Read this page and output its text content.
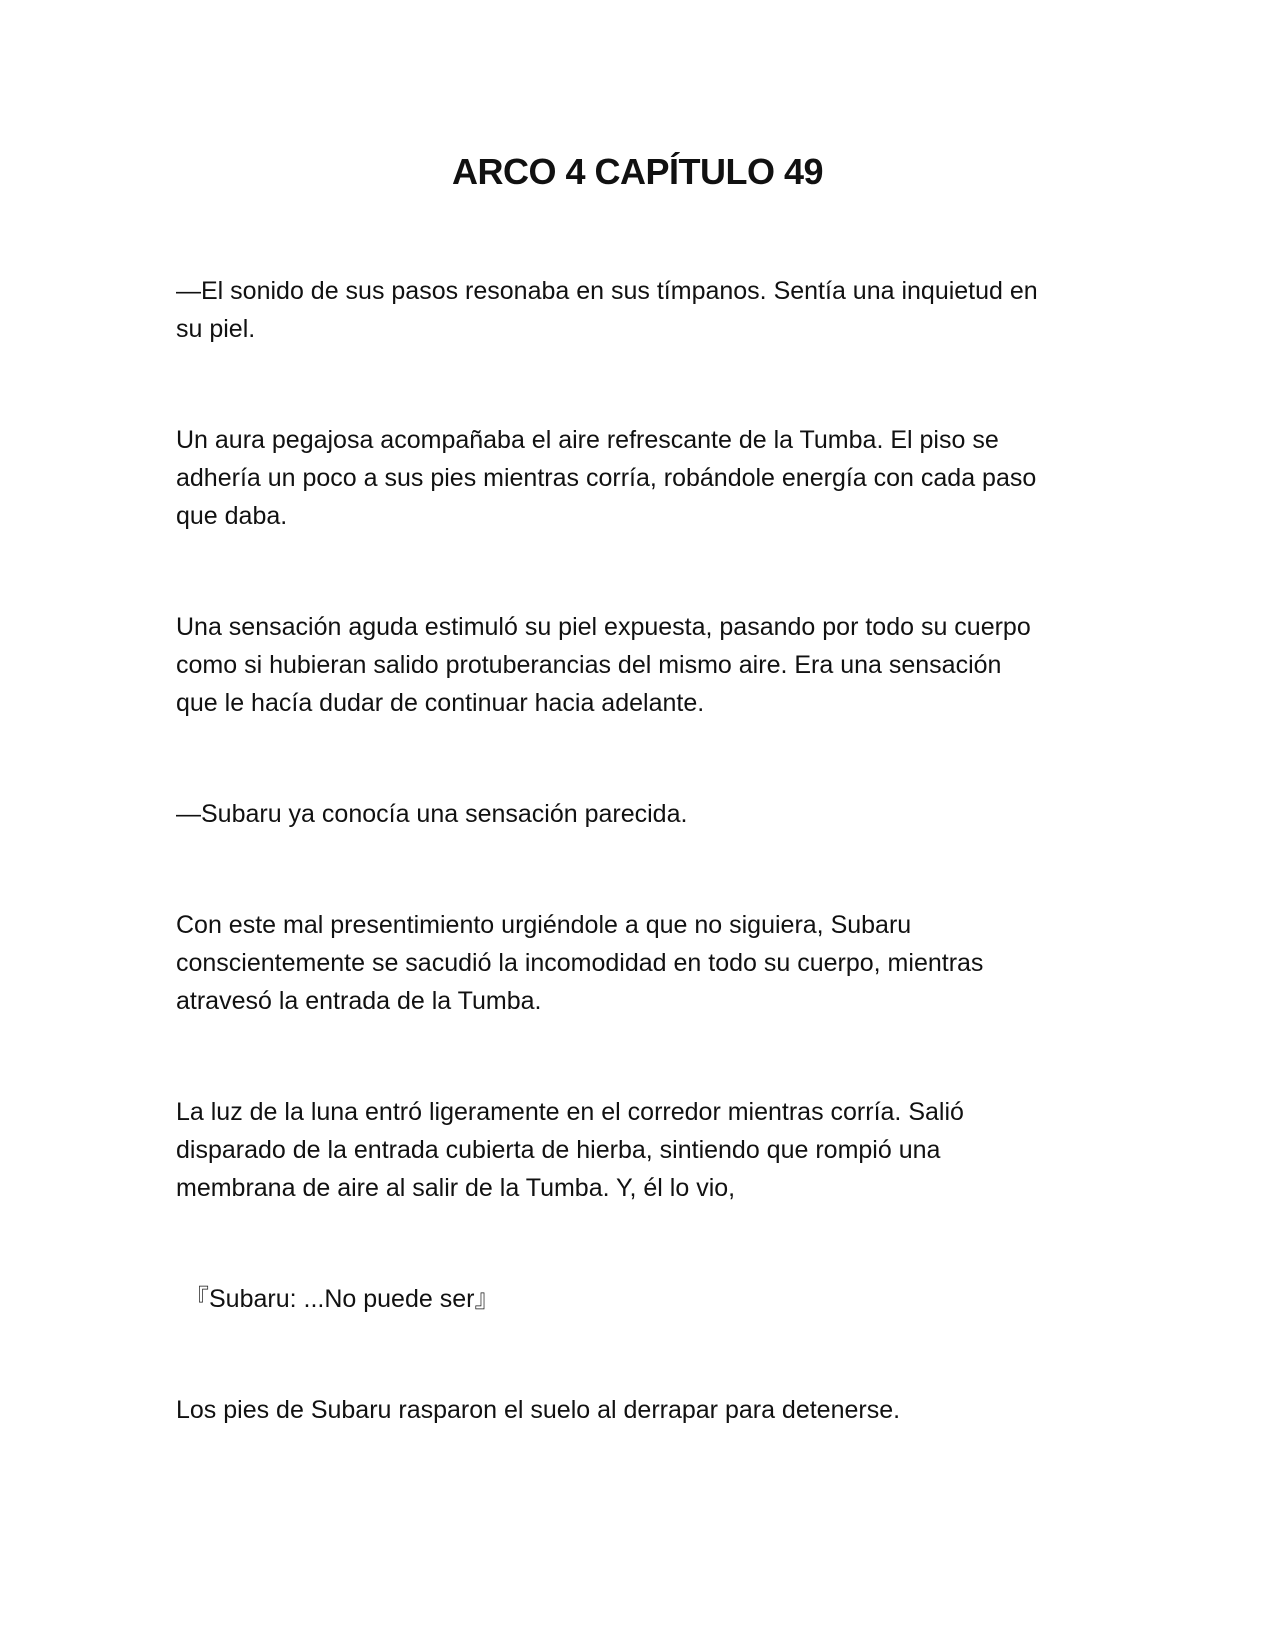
ARCO 4 CAPÍTULO 49

—El sonido de sus pasos resonaba en sus tímpanos. Sentía una inquietud en
su piel.

Un aura pegajosa acompañaba el aire refrescante de la Tumba. El piso se
adhería un poco a sus pies mientras corría, robándole energía con cada paso
que daba.

Una sensación aguda estimuló su piel expuesta, pasando por todo su cuerpo
como si hubieran salido protuberancias del mismo aire. Era una sensación
que le hacía dudar de continuar hacia adelante.

—Subaru ya conocía una sensación parecida.

Con este mal presentimiento urgiéndole a que no siguiera, Subaru
conscientemente se sacudió la incomodidad en todo su cuerpo, mientras
atravesó la entrada de la Tumba.

La luz de la luna entró ligeramente en el corredor mientras corría. Salió
disparado de la entrada cubierta de hierba, sintiendo que rompió una
membrana de aire al salir de la Tumba. Y, él lo vio,

『Subaru: ...No puede ser』

Los pies de Subaru rasparon el suelo al derrapar para detenerse.
